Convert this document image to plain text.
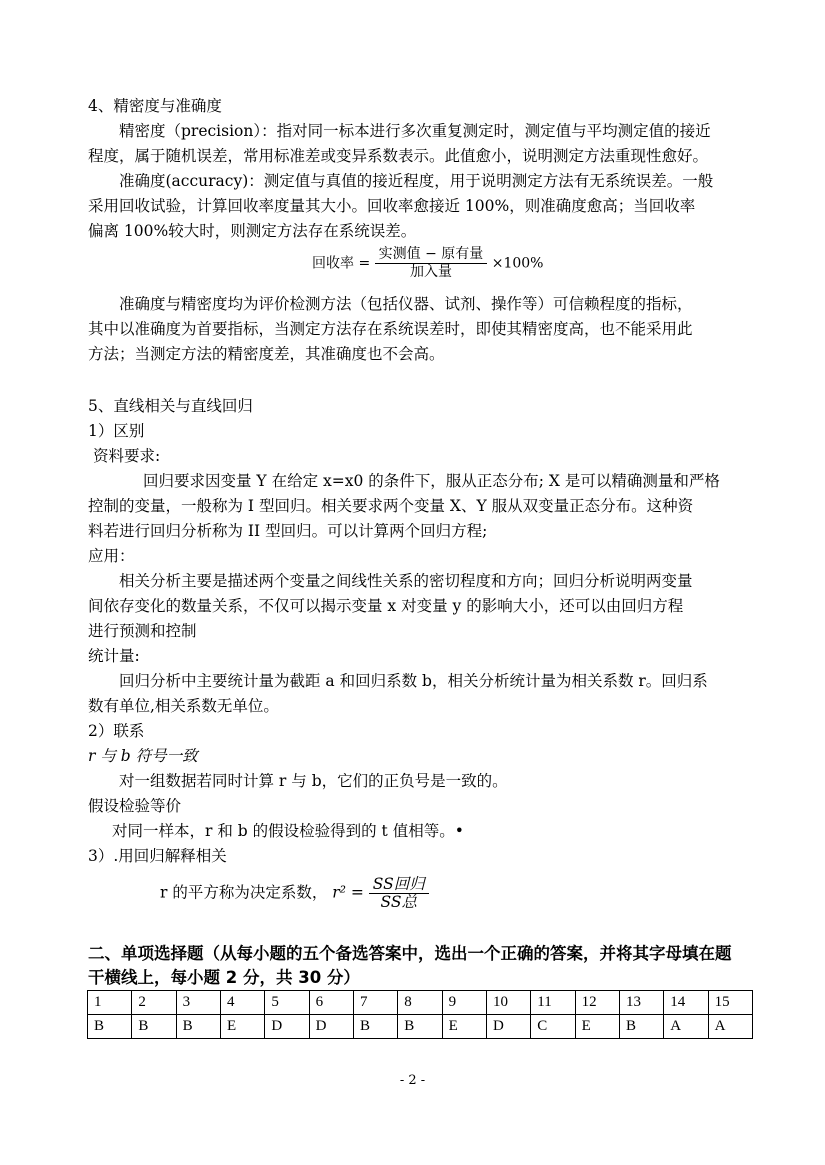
4、精密度与准确度
精密度（precision）：指对同一标本进行多次重复测定时，测定值与平均测定值的接近
程度，属于随机误差，常用标准差或变异系数表示。此值愈小，说明测定方法重现性愈好。
准确度(accuracy)：测定值与真值的接近程度，用于说明测定方法有无系统误差。一般
采用回收试验，计算回收率度量其大小。回收率愈接近 100%，则准确度愈高；当回收率
偏离 100%较大时，则测定方法存在系统误差。
回收率 = $\frac{\text{实测值 − 原有量}}{\text{加入量}} \times 100\%$
准确度与精密度均为评价检测方法（包括仪器、试剂、操作等）可信赖程度的指标，
其中以准确度为首要指标，当测定方法存在系统误差时，即使其精密度高，也不能采用此
方法；当测定方法的精密度差，其准确度也不会高。
5、直线相关与直线回归
1）区别
资料要求:
回归要求因变量 Y 在给定 x=x0 的条件下，服从正态分布; X 是可以精确测量和严格
控制的变量，一般称为 I 型回归。相关要求两个变量 X、Y 服从双变量正态分布。这种资
料若进行回归分析称为 II 型回归。可以计算两个回归方程;
应用：
相关分析主要是描述两个变量之间线性关系的密切程度和方向；回归分析说明两变量
间依存变化的数量关系，不仅可以揭示变量 x 对变量 y 的影响大小，还可以由回归方程
进行预测和控制
统计量:
回归分析中主要统计量为截距 a 和回归系数 b，相关分析统计量为相关系数 r。回归系
数有单位,相关系数无单位。
2）联系
r 与 b 符号一致
对一组数据若同时计算 r 与 b，它们的正负号是一致的。
假设检验等价
对同一样本，r 和 b 的假设检验得到的 t 值相等。•
3）.用回归解释相关
r 的平方称为决定系数， $r^2 = \frac{\text{SS回归}}{\text{SS总}}$
二、单项选择题（从每小题的五个备选答案中，选出一个正确的答案，并将其字母填在题
干横线上，每小题 2 分，共 30 分）
1	2	3	4	5	6	7	8	9	10	11	12	13	14	15
B	B	B	E	D	D	B	B	E	D	C	E	B	A	A
- 2 -
